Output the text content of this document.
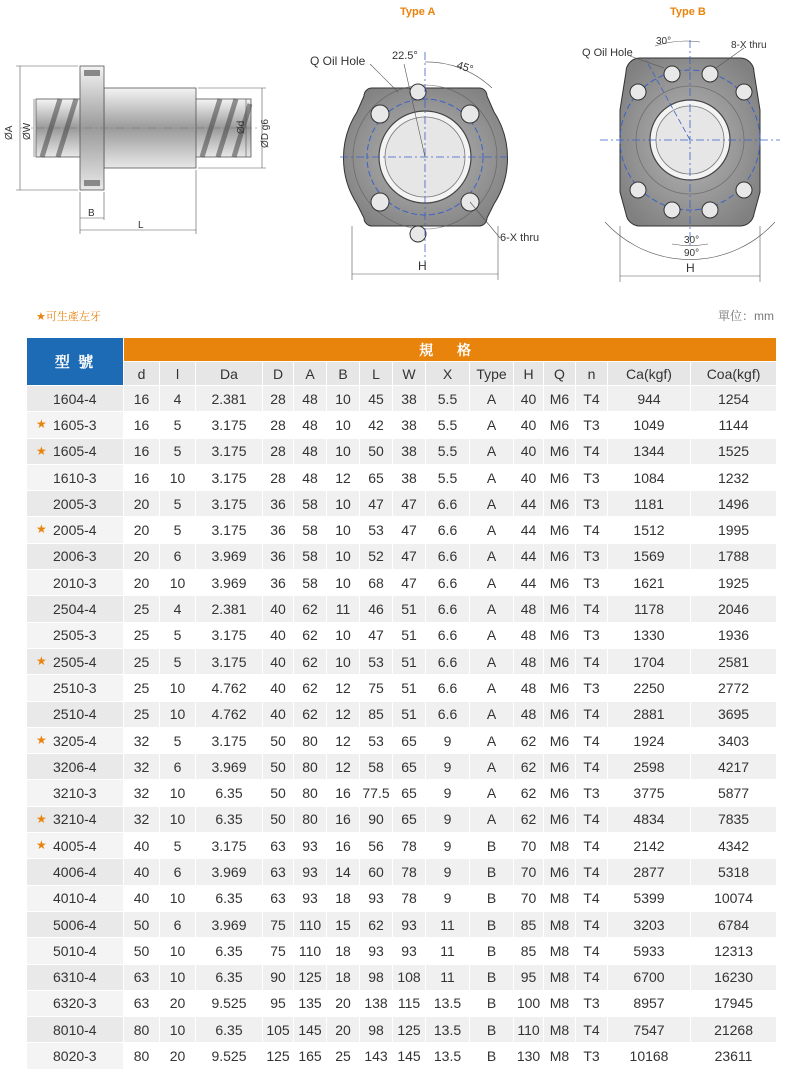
ØA ØW	Ød ØD g6
B
L
Type A
Q Oil Hole 22.5°
45°
6-X thru
H
Type B
Q Oil Hole
30°	8-X thru
30°
90°
H
★可生產左牙	單位：mm
型 號	規 格														
	d	l	Da	D	A	B	L	W	X	Type	H	Q	n	Ca(kgf)	Coa(kgf)
1604-4	16	4	2.381	28	48	10	45	38	5.5	A	40	M6	T4	944	1254

★ 1605-3	16	5	3.175	28	48	10	42	38	5.5	A	40	M6	T3	1049	1144

★ 1605-4	16	5	3.175	28	48	10	50	38	5.5	A	40	M6	T4	1344	1525
1610-3	16	10	3.175	28	48	12	65	38	5.5	A	40	M6	T3	1084	1232
2005-3	20	5	3.175	36	58	10	47	47	6.6	A	44	M6	T3	1181	1496

★ 2005-4	20	5	3.175	36	58	10	53	47	6.6	A	44	M6	T4	1512	1995
2006-3	20	6	3.969	36	58	10	52	47	6.6	A	44	M6	T3	1569	1788
2010-3	20	10	3.969	36	58	10	68	47	6.6	A	44	M6	T3	1621	1925
2504-4	25	4	2.381	40	62	11	46	51	6.6	A	48	M6	T4	1178	2046
2505-3	25	5	3.175	40	62	10	47	51	6.6	A	48	M6	T3	1330	1936

★ 2505-4	25	5	3.175	40	62	10	53	51	6.6	A	48	M6	T4	1704	2581
2510-3	25	10	4.762	40	62	12	75	51	6.6	A	48	M6	T3	2250	2772
2510-4	25	10	4.762	40	62	12	85	51	6.6	A	48	M6	T4	2881	3695

★ 3205-4	32	5	3.175	50	80	12	53	65	9	A	62	M6	T4	1924	3403
3206-4	32	6	3.969	50	80	12	58	65	9	A	62	M6	T4	2598	4217
3210-3	32	10	6.35	50	80	16	77.5	65	9	A	62	M6	T3	3775	5877

★ 3210-4	32	10	6.35	50	80	16	90	65	9	A	62	M6	T4	4834	7835

★ 4005-4	40	5	3.175	63	93	16	56	78	9	B	70	M8	T4	2142	4342
4006-4	40	6	3.969	63	93	14	60	78	9	B	70	M6	T4	2877	5318
4010-4	40	10	6.35	63	93	18	93	78	9	B	70	M8	T4	5399	10074
5006-4	50	6	3.969	75	110	15	62	93	11	B	85	M8	T4	3203	6784
5010-4	50	10	6.35	75	110	18	93	93	11	B	85	M8	T4	5933	12313
6310-4	63	10	6.35	90	125	18	98	108	11	B	95	M8	T4	6700	16230
6320-3	63	20	9.525	95	135	20	138	115	13.5	B	100	M8	T3	8957	17945
8010-4	80	10	6.35	105	145	20	98	125	13.5	B	110	M8	T4	7547	21268
8020-3	80	20	9.525	125	165	25	143	145	13.5	B	130	M8	T3	10168	23611
